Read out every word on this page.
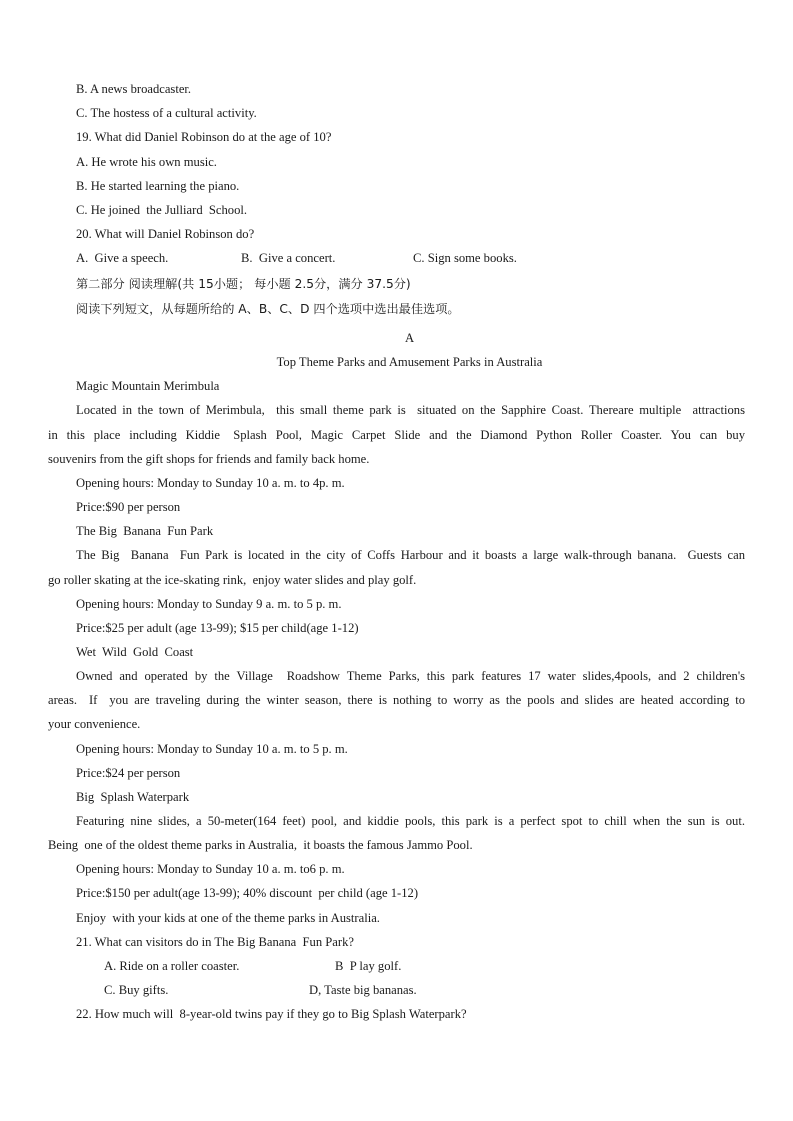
B. A news broadcaster.
C. The hostess of a cultural activity.
19. What did Daniel Robinson do at the age of 10?
A. He wrote his own music.
B. He started learning the piano.
C. He joined  the Julliard  School.
20. What will Daniel Robinson do?
A.  Give a speech.	B.  Give a concert.	C. Sign some books.
第二部分 阅读理解(共 15小题； 每小题 2.5分，满分 37.5分)
阅读下列短文，从每题所给的 A、B、C、D 四个选项中选出最佳选项。
A
Top Theme Parks and Amusement Parks in Australia
Magic Mountain Merimbula
Located in the town of Merimbula,  this small theme park is  situated on the Sapphire Coast. Thereare multiple  attractions
in  this  place  including  Kiddie   Splash  Pool,  Magic  Carpet  Slide  and  the  Diamond  Python  Roller  Coaster.  You  can  buy
souvenirs from the gift shops for friends and family back home.
Opening hours: Monday to Sunday 10 a. m. to 4p. m.
Price:$90 per person
The Big  Banana  Fun Park
The Big  Banana  Fun Park is located in the city of Coffs Harbour and it boasts a large walk-through banana.  Guests can
go roller skating at the ice-skating rink,  enjoy water slides and play golf.
Opening hours: Monday to Sunday 9 a. m. to 5 p. m.
Price:$25 per adult (age 13-99); $15 per child(age 1-12)
Wet  Wild  Gold  Coast
Owned and operated by the Village  Roadshow Theme Parks, this park features 17 water slides,4pools, and 2 children's
areas.  If  you are traveling during the winter season, there is nothing to worry as the pools and slides are heated according to
your convenience.
Opening hours: Monday to Sunday 10 a. m. to 5 p. m.
Price:$24 per person
Big  Splash Waterpark
Featuring nine slides, a 50-meter(164 feet) pool, and kiddie pools, this park is a perfect spot to chill when the sun is out.
Being  one of the oldest theme parks in Australia,  it boasts the famous Jammo Pool.
Opening hours: Monday to Sunday 10 a. m. to6 p. m.
Price:$150 per adult(age 13-99); 40% discount  per child (age 1-12)
Enjoy  with your kids at one of the theme parks in Australia.
21. What can visitors do in The Big Banana  Fun Park?
A. Ride on a roller coaster.	B  P lay golf.
C. Buy gifts.	D, Taste big bananas.
22. How much will  8-year-old twins pay if they go to Big Splash Waterpark?
